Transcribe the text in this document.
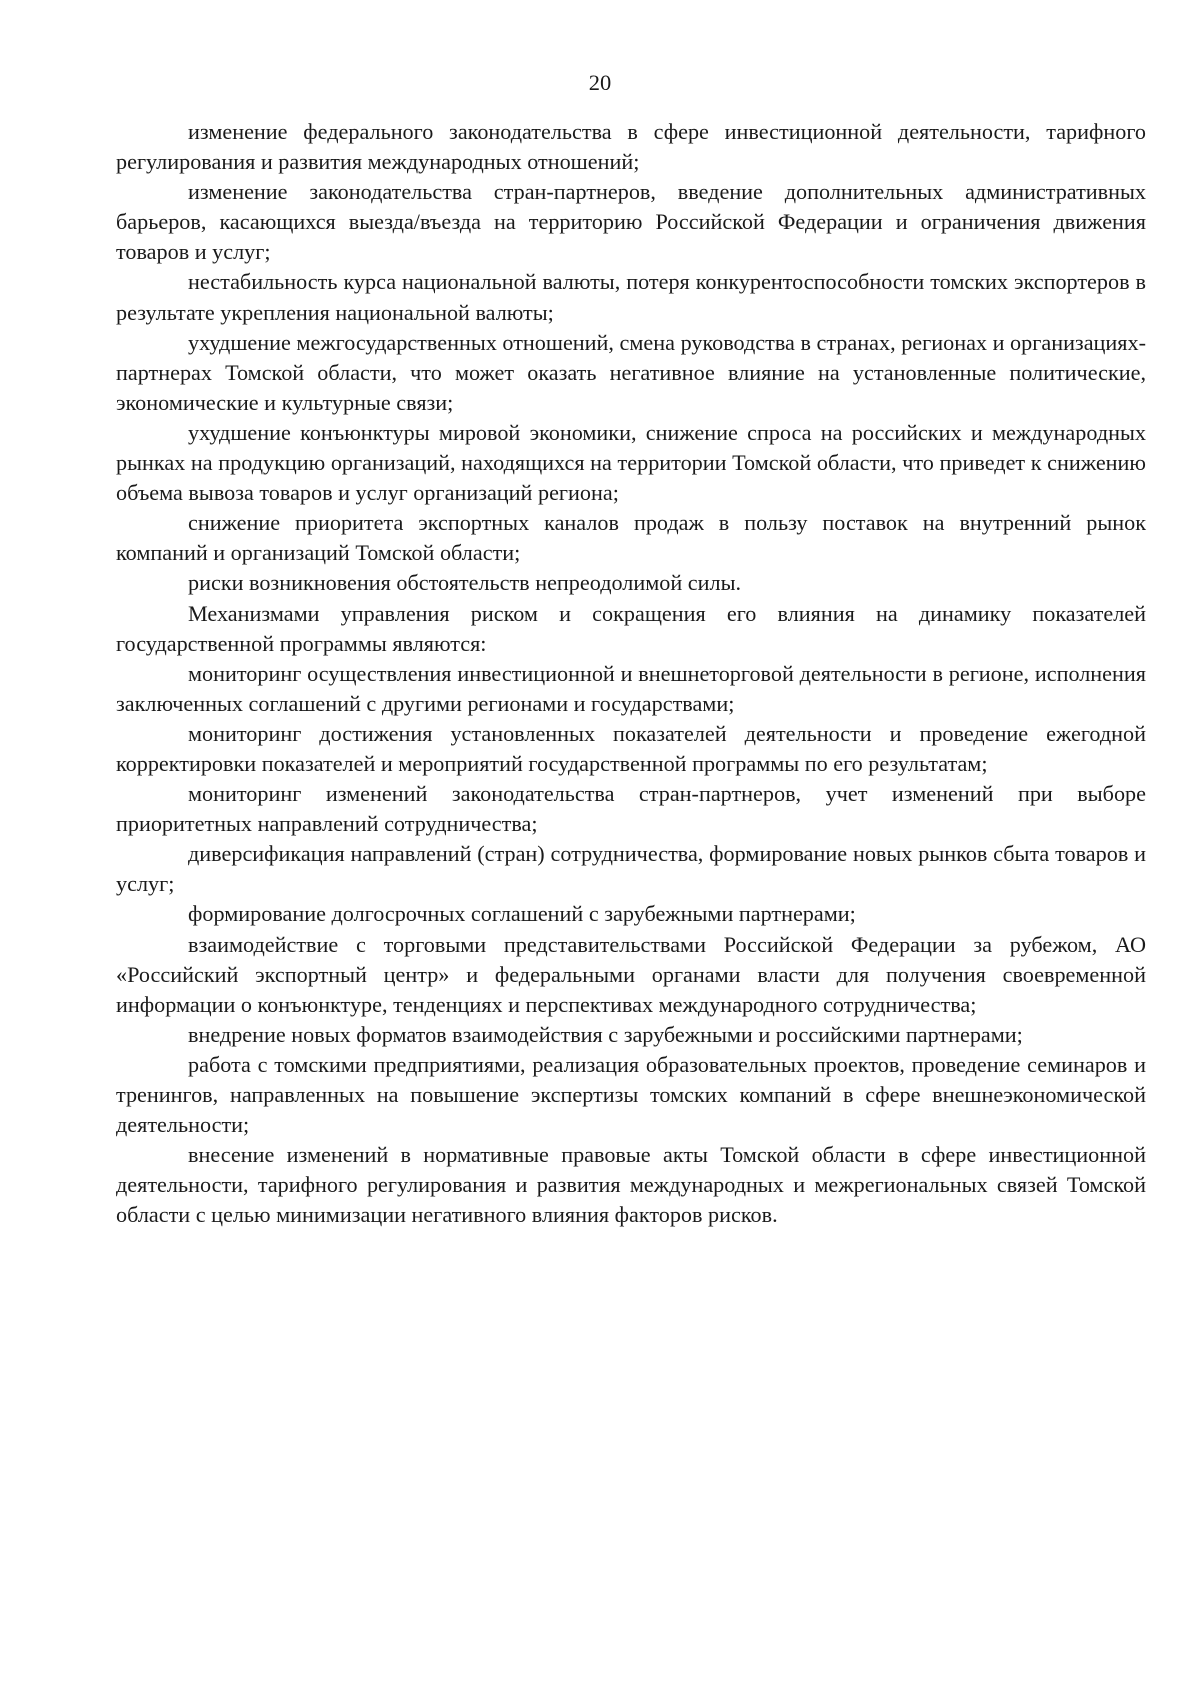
20

изменение федерального законодательства в сфере инвестиционной деятельности, тарифного регулирования и развития международных отношений;

изменение законодательства стран-партнеров, введение дополнительных административных барьеров, касающихся выезда/въезда на территорию Российской Федерации и ограничения движения товаров и услуг;

нестабильность курса национальной валюты, потеря конкурентоспособности томских экспортеров в результате укрепления национальной валюты;

ухудшение межгосударственных отношений, смена руководства в странах, регионах и организациях-партнерах Томской области, что может оказать негативное влияние на установленные политические, экономические и культурные связи;

ухудшение конъюнктуры мировой экономики, снижение спроса на российских и международных рынках на продукцию организаций, находящихся на территории Томской области, что приведет к снижению объема вывоза товаров и услуг организаций региона;

снижение приоритета экспортных каналов продаж в пользу поставок на внутренний рынок компаний и организаций Томской области;

риски возникновения обстоятельств непреодолимой силы.

Механизмами управления риском и сокращения его влияния на динамику показателей государственной программы являются:

мониторинг осуществления инвестиционной и внешнеторговой деятельности в регионе, исполнения заключенных соглашений с другими регионами и государствами;

мониторинг достижения установленных показателей деятельности и проведение ежегодной корректировки показателей и мероприятий государственной программы по его результатам;

мониторинг изменений законодательства стран-партнеров, учет изменений при выборе приоритетных направлений сотрудничества;

диверсификация направлений (стран) сотрудничества, формирование новых рынков сбыта товаров и услуг;

формирование долгосрочных соглашений с зарубежными партнерами;

взаимодействие с торговыми представительствами Российской Федерации за рубежом, АО «Российский экспортный центр» и федеральными органами власти для получения своевременной информации о конъюнктуре, тенденциях и перспективах международного сотрудничества;

внедрение новых форматов взаимодействия с зарубежными и российскими партнерами;

работа с томскими предприятиями, реализация образовательных проектов, проведение семинаров и тренингов, направленных на повышение экспертизы томских компаний в сфере внешнеэкономической деятельности;

внесение изменений в нормативные правовые акты Томской области в сфере инвестиционной деятельности, тарифного регулирования и развития международных и межрегиональных связей Томской области с целью минимизации негативного влияния факторов рисков.
